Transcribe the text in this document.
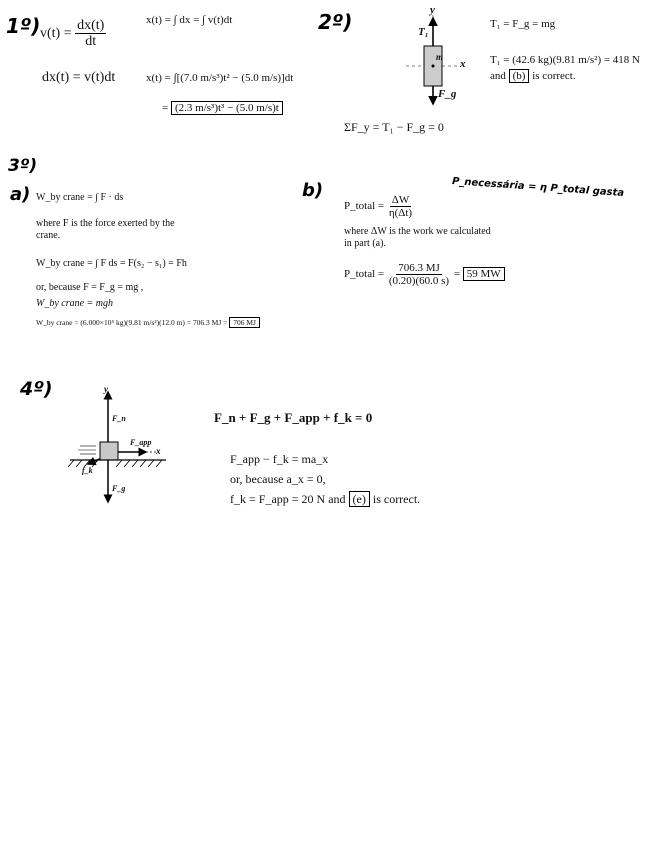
1º) $v(t) = \frac{dx(t)}{dt}$
dx(t) = v(t)dt
x(t) = ∫ dx = ∫ v(t)dt
x(t) = ∫[(7.0 m/s³)t² − (5.0 m/s)]dt
= (2.3 m/s³)t³ − (5.0 m/s)t
2º)	y
T₁
m
x
F_g
T₁ = F_g = mg
T₁ = (42.6 kg)(9.81 m/s²) = 418 N
and (b) is correct.
ΣF_y = T₁ − F_g = 0
3º)
a) W_by crane = ∫ F · ds
where F is the force exerted by the
crane.
W_by crane = ∫ F ds = F(s₂ − s₁) = Fh
or, because F = F_g = mg ,
W_by crane = mgh
W_by crane = (6.000×10⁵ kg)(9.81 m/s²)(12.0 m) = 706.3 MJ = 706 MJ
b)	P_necessária = η P_total gasta
P_total = $\frac{\Delta W}{\eta(\Delta t)}$
where ΔW is the work we calculated
in part (a).
P_total = $\frac{706.3 MJ}{(0.20)(60.0 s)} = 59$ MW
4º)	y
F_n
F_app
x
f_k
F_g
F_n + F_g + F_app + f_k = 0
F_app − f_k = ma_x
or, because a_x = 0,
f_k = F_app = 20 N and (e) is correct.
